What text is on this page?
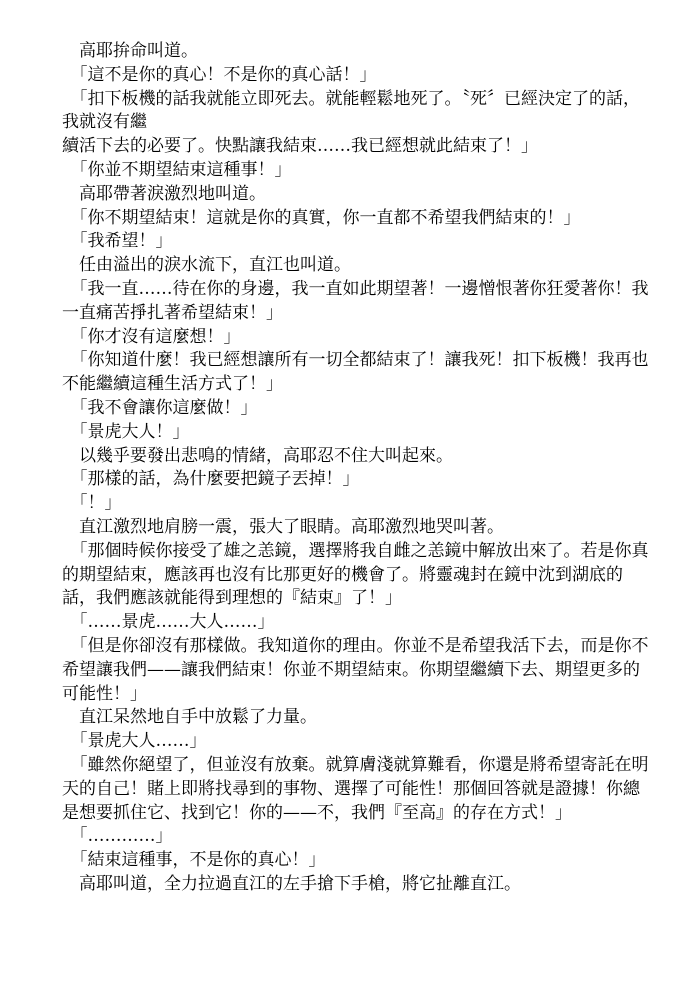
　高耶拚命叫道。

　「這不是你的真心！不是你的真心話！」

　「扣下板機的話我就能立即死去。就能輕鬆地死了。〝死〞已經決定了的話，我就沒有繼

續活下去的必要了。快點讓我結束……我已經想就此結束了！」

　「你並不期望結束這種事！」

　高耶帶著淚激烈地叫道。

　「你不期望結束！這就是你的真實，你一直都不希望我們結束的！」

　「我希望！」

　任由溢出的淚水流下，直江也叫道。

　「我一直……待在你的身邊，我一直如此期望著！一邊憎恨著你狂愛著你！我一直痛苦掙扎著希望結束！」

　「你才沒有這麼想！」

　「你知道什麼！我已經想讓所有一切全都結束了！讓我死！扣下板機！我再也不能繼續這種生活方式了！」

　「我不會讓你這麼做！」

　「景虎大人！」

　以幾乎要發出悲鳴的情緒，高耶忍不住大叫起來。

　「那樣的話，為什麼要把鏡子丟掉！」

　「！」

　直江激烈地肩膀一震，張大了眼睛。高耶激烈地哭叫著。

　「那個時候你接受了雄之恙鏡，選擇將我自雌之恙鏡中解放出來了。若是你真的期望結束，應該再也沒有比那更好的機會了。將靈魂封在鏡中沈到湖底的話，我們應該就能得到理想的『結束』了！」

　「……景虎……大人……」

　「但是你卻沒有那樣做。我知道你的理由。你並不是希望我活下去，而是你不希望讓我們——讓我們結束！你並不期望結束。你期望繼續下去、期望更多的可能性！」

　直江呆然地自手中放鬆了力量。

　「景虎大人……」

　「雖然你絕望了，但並沒有放棄。就算膚淺就算難看，你還是將希望寄託在明天的自己！賭上即將找尋到的事物、選擇了可能性！那個回答就是證據！你總是想要抓住它、找到它！你的——不，我們『至高』的存在方式！」

　「…………」

　「結束這種事，不是你的真心！」

　高耶叫道，全力拉過直江的左手搶下手槍，將它扯離直江。
